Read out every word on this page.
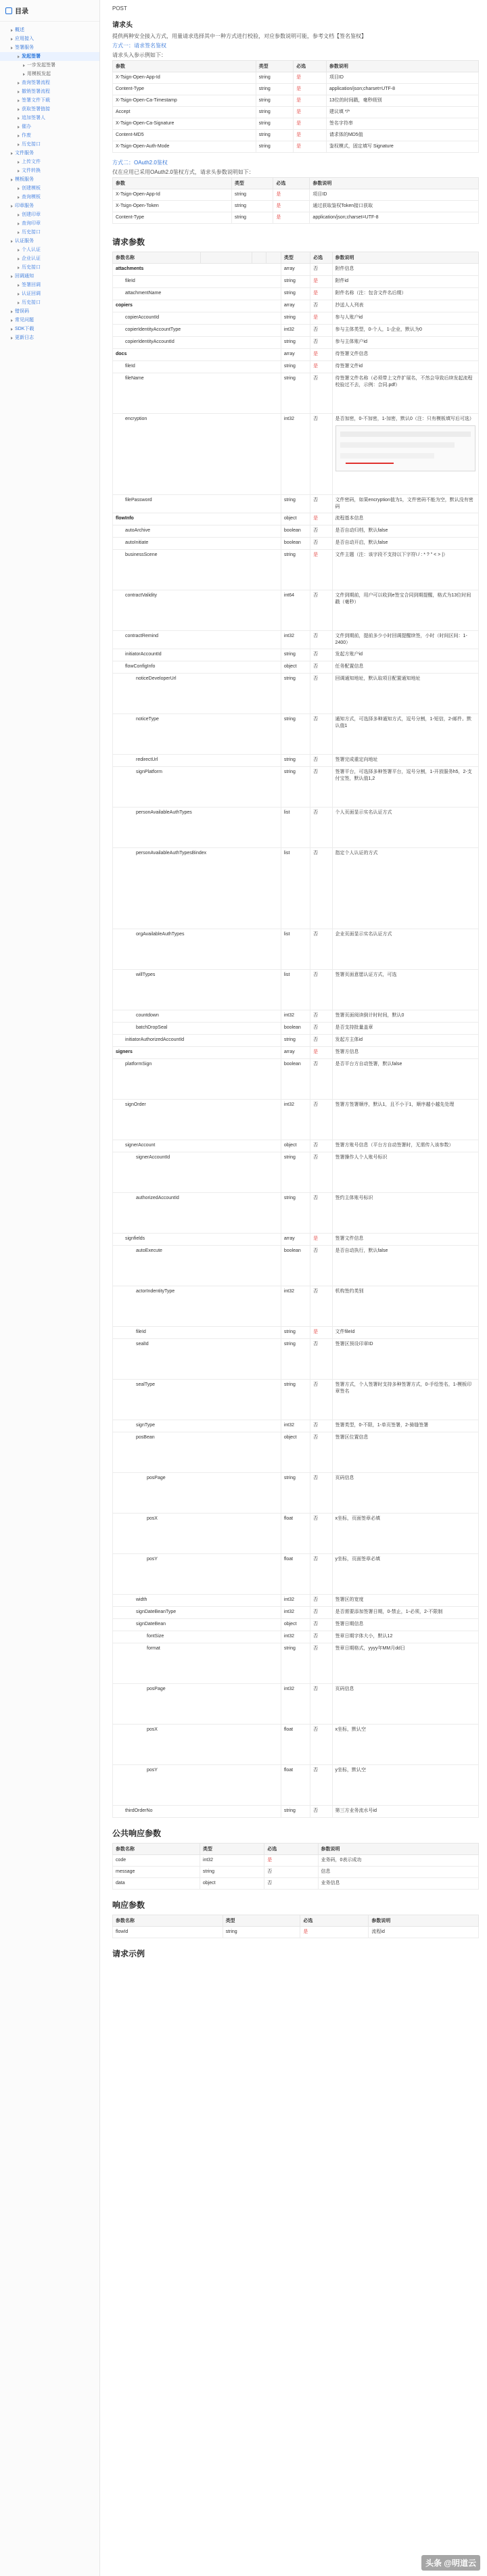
目录
概述
应用接入
签署服务
发起签署
一步发起签署
用模板发起
查询签署流程
撤销签署流程
签署文件下载
获取签署链接
追加签署人
催办
作废
历史接口
文件服务
上传文件
文件转换
模板服务
创建模板
查询模板
印章服务
创建印章
查询印章
历史接口
认证服务
个人认证
企业认证
历史接口
回调通知
签署回调
认证回调
历史接口
错误码
常见问题
SDK下载
更新日志
POST
请求头
提供两种安全接入方式，用量请求选择其中一种方式进行校验，对应参数说明可能，参考文档【签名鉴权】
方式一：请求签名鉴权
请求头入参示例如下：
参数	类型	必选	参数说明
X-Tsign-Open-App-Id	string	是	项目ID
Content-Type	string	是	application/json;charset=UTF-8
X-Tsign-Open-Ca-Timestamp	string	是	13位的时间戳，毫秒级别
Accept	string	是	建议填 */*
X-Tsign-Open-Ca-Signature	string	是	签名字符串
Content-MD5	string	是	请求体的MD5值
X-Tsign-Open-Auth-Mode	string	是	鉴权模式，固定填写 Signature
方式二：OAuth2.0鉴权
仅在应用已采用OAuth2.0鉴权方式，请求头参数说明如下：
参数	类型	必选	参数说明
X-Tsign-Open-App-Id	string	是	项目ID
X-Tsign-Open-Token	string	是	通过获取鉴权Token接口获取
Content-Type	string	是	application/json;charset=UTF-8
请求参数
参数名称				类型	必选	参数说明
attachments				array	否	附件信息
fileId				string	是	附件id
attachmentName				string	是	附件名称（注：包含文件名后缀）
copiers				array	否	抄送人人列表
copierAccountId				string	是	参与人账户id
copierIdentityAccountType				int32	否	参与主体类型，0-个人，1-企业，默认为0
copierIdentityAccountId				string	否	参与主体账户id
docs				array	是	待签署文件信息
fileId				string	是	待签署文件id
fileName				string	否	待签署文件名称（必须带上文件扩展名，不然会导致后续发起流程校验过不去，示例：合同.pdf）
encryption				int32	否	是否加密，0-不加密，1-加密，默认0（注：只有模板填写后可选）

filePassword				string	否	文件密码，如果encryption值为1，文件密码不能为空，默认没有密码
flowInfo				object	是	流程基本信息
autoArchive				boolean	否	是否自动归档，默认false
autoInitiate				boolean	否	是否自动开启，默认false
businessScene				string	是	文件主题（注：该字段不支持以下字符\ / : * ? " < > |）
contractValidity				int64	否	文件到期前，用户可以收到e签宝合同到期提醒，格式为13位时间戳（毫秒）
contractRemind				int32	否	文件到期前，提前多少小时回调提醒续签，小时（时间区间：1-2400）
initiatorAccountId				string	否	发起方账户id
flowConfigInfo				object	否	任务配置信息
noticeDeveloperUrl				string	否	回调通知地址，默认取项目配置通知地址
noticeType				string	否	通知方式，可选择多种通知方式，逗号分割，1-短信，2-邮件。默认值1
redirectUrl				string	否	签署完成重定向地址
signPlatform				string	否	签署平台，可选择多种签署平台，逗号分割，1-开放服务h5，2-支付宝签，默认值1,2
personAvailableAuthTypes				list	否	个人页面显示实名认证方式
personAvailableAuthTypesBindex				list	否	指定个人认证的方式
orgAvailableAuthTypes				list	否	企业页面显示实名认证方式
willTypes				list	否	签署页面意愿认证方式，可选
countdown				int32	否	签署页面阅读倒计时时间，默认0
batchDropSeal				boolean	否	是否支持批量盖章
initiatorAuthorizedAccountId				string	否	发起方主体id
signers				array	是	签署方信息
platformSign				boolean	否	是否平台方自动签署，默认false
signOrder				int32	否	签署方签署顺序，默认1，且不小于1，顺序越小越先处理
signerAccount				object	否	签署方账号信息（平台方自动签署时，无需传入该参数）
signerAccountId				string	否	签署操作人个人账号标识
authorizedAccountId				string	否	签约主体账号标识
signfields				array	是	签署文件信息
autoExecute				boolean	否	是否自动执行，默认false
actorIndentityType				int32	否	机构签约类别
fileId				string	是	文件fileId
sealId				string	否	签署区预设印章ID
sealType				string	否	签署方式，个人签署时支持多种签署方式，0-手绘签名，1-模板印章签名
signType				int32	否	签署类型，0-不限，1-单页签署，2-骑缝签署
posBean				object	否	签署区位置信息
posPage				string	否	页码信息
posX				float	否	x坐标，页面签章必填
posY				float	否	y坐标，页面签章必填
width				int32	否	签署区的宽度
signDateBeanType				int32	否	是否需要添加签署日期，0-禁止，1-必须，2-不限制
signDateBean				object	否	签署日期信息
fontSize				int32	否	签章日期字体大小，默认12
format				string	否	签章日期格式，yyyy年MM月dd日
posPage				int32	否	页码信息
posX				float	否	x坐标，默认空
posY				float	否	y坐标，默认空
thirdOrderNo				string	否	第三方业务流水号id
公共响应参数
参数名称	类型	必选	参数说明
code	int32	是	业务码，0表示成功
message	string	否	信息
data	object	否	业务信息
响应参数
参数名称	类型	必选	参数说明
flowId	string	是	流程id
请求示例
头条 @明道云
